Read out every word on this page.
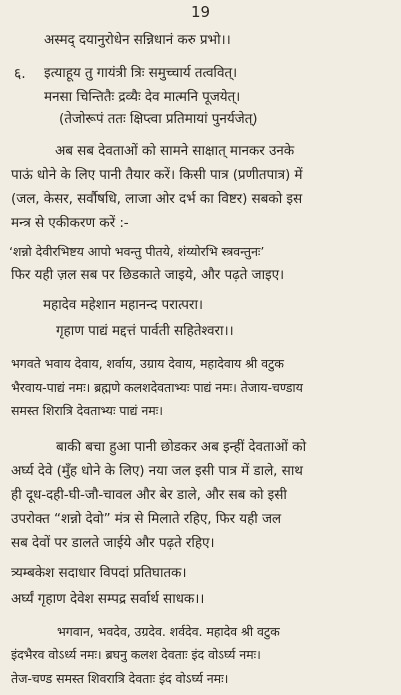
19
अस्मद् दयानुरोधेन सन्निधानं करु प्रभो।।
६. इत्याहूय तु गायंत्री त्रिः समुच्चार्य तत्ववित्।
मनसा चिन्तितैः द्रव्यैः देव मात्मनि पूजयेत्।
(तेजोरूपं ततः क्षिप्त्वा प्रतिमायां पुनर्यजेत्)
अब सब देवताओं को सामने साक्षात् मानकर उनके
पाऊं धोने के लिए पानी तैयार करें। किसी पात्र (प्रणीतपात्र) में
(जल, केसर, सर्वौषधि, लाजा ओर दर्भ का विष्टर) सबको इस
मन्त्र से एकीकरण करें :-
‘शन्नो देवीरभिष्टय आपो भवन्तु पीतये, शंय्योरभि स्त्रवन्तुनः’
फिर यही ज़ल सब पर छिडकाते जाइये, और पढ़ते जाइए।
महादेव महेशान महानन्द परात्परा।
गृहाण पाद्यं मद्दत्तं पार्वती सहितेश्वरा।।
भगवते भवाय देवाय, शर्वाय, उग्राय देवाय, महादेवाय श्री वटुक
भैरवाय-पाद्यं नमः। ब्रह्मणे कलशदेवताभ्यः पाद्यं नमः। तेजाय-चण्डाय
समस्त शिरात्रि देवताभ्यः पाद्यं नमः।
बाकी बचा हुआ पानी छोडकर अब इन्हीं देवताओं को
अर्घ्य देवे (मुँह धोने के लिए) नया जल इसी पात्र में डाले, साथ
ही दूध-दही-घी-जौ-चावल और बेर डाले, और सब को इसी
उपरोक्त “शन्नो देवो” मंत्र से मिलाते रहिए, फिर यही जल
सब देवों पर डालते जाईये और पढ़ते रहिए।
त्र्यम्बकेश सदाधार विपदां प्रतिघातक।
अर्घ्यं गृहाण देवेश सम्पद्र सर्वार्थ साधक।।
भगवान, भवदेव, उग्रदेव. शर्वदेव. महादेव श्री वटुक
इंदभैरव वोऽर्ध्य नमः। ब्रघनु कलश देवताः इंद वोऽर्घ्य नमः।
तेज-चण्ड समस्त शिवरात्रि देवताः इंद वोऽर्घ्य नमः।
